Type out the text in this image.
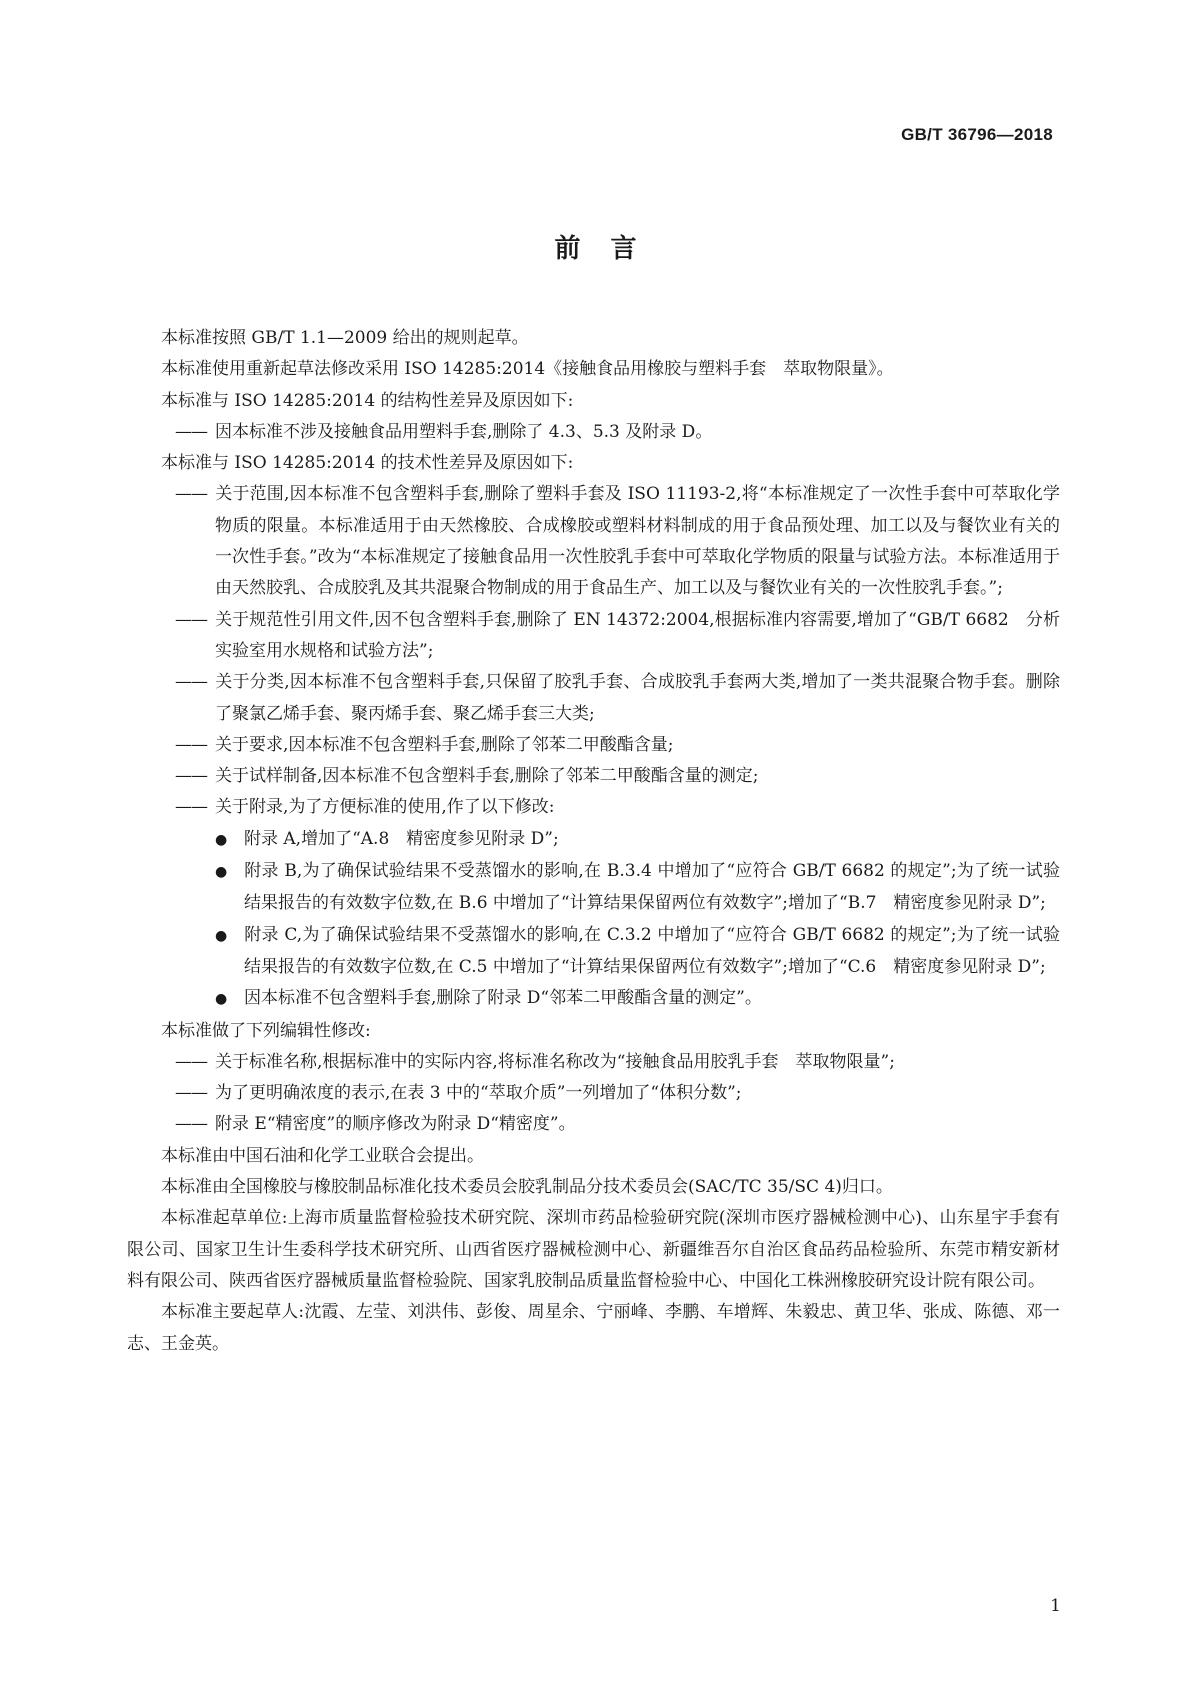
GB/T 36796—2018
前言

本标准按照 GB/T 1.1—2009 给出的规则起草。

本标准使用重新起草法修改采用 ISO 14285:2014《接触食品用橡胶与塑料手套　萃取物限量》。

本标准与 ISO 14285:2014 的结构性差异及原因如下:

—— 因本标准不涉及接触食品用塑料手套,删除了 4.3、5.3 及附录 D。

本标准与 ISO 14285:2014 的技术性差异及原因如下:

—— 关于范围,因本标准不包含塑料手套,删除了塑料手套及 ISO 11193-2,将“本标准规定了一次性手套中可萃取化学物质的限量。本标准适用于由天然橡胶、合成橡胶或塑料材料制成的用于食品预处理、加工以及与餐饮业有关的一次性手套。”改为“本标准规定了接触食品用一次性胶乳手套中可萃取化学物质的限量与试验方法。本标准适用于由天然胶乳、合成胶乳及其共混聚合物制成的用于食品生产、加工以及与餐饮业有关的一次性胶乳手套。”;

—— 关于规范性引用文件,因不包含塑料手套,删除了 EN 14372:2004,根据标准内容需要,增加了“GB/T 6682　分析实验室用水规格和试验方法”;

—— 关于分类,因本标准不包含塑料手套,只保留了胶乳手套、合成胶乳手套两大类,增加了一类共混聚合物手套。删除了聚氯乙烯手套、聚丙烯手套、聚乙烯手套三大类;

—— 关于要求,因本标准不包含塑料手套,删除了邻苯二甲酸酯含量;

—— 关于试样制备,因本标准不包含塑料手套,删除了邻苯二甲酸酯含量的测定;

—— 关于附录,为了方便标准的使用,作了以下修改:

● 附录 A,增加了“A.8　精密度参见附录 D”;

● 附录 B,为了确保试验结果不受蒸馏水的影响,在 B.3.4 中增加了“应符合 GB/T 6682 的规定”;为了统一试验结果报告的有效数字位数,在 B.6 中增加了“计算结果保留两位有效数字”;增加了“B.7　精密度参见附录 D”;

● 附录 C,为了确保试验结果不受蒸馏水的影响,在 C.3.2 中增加了“应符合 GB/T 6682 的规定”;为了统一试验结果报告的有效数字位数,在 C.5 中增加了“计算结果保留两位有效数字”;增加了“C.6　精密度参见附录 D”;

● 因本标准不包含塑料手套,删除了附录 D“邻苯二甲酸酯含量的测定”。

本标准做了下列编辑性修改:

—— 关于标准名称,根据标准中的实际内容,将标准名称改为“接触食品用胶乳手套　萃取物限量”;

—— 为了更明确浓度的表示,在表 3 中的“萃取介质”一列增加了“体积分数”;

—— 附录 E“精密度”的顺序修改为附录 D“精密度”。

本标准由中国石油和化学工业联合会提出。

本标准由全国橡胶与橡胶制品标准化技术委员会胶乳制品分技术委员会(SAC/TC 35/SC 4)归口。

本标准起草单位:上海市质量监督检验技术研究院、深圳市药品检验研究院(深圳市医疗器械检测中心)、山东星宇手套有限公司、国家卫生计生委科学技术研究所、山西省医疗器械检测中心、新疆维吾尔自治区食品药品检验所、东莞市精安新材料有限公司、陕西省医疗器械质量监督检验院、国家乳胶制品质量监督检验中心、中国化工株洲橡胶研究设计院有限公司。

本标准主要起草人:沈霞、左莹、刘洪伟、彭俊、周星余、宁丽峰、李鹏、车增辉、朱毅忠、黄卫华、张成、陈德、邓一志、王金英。

1
